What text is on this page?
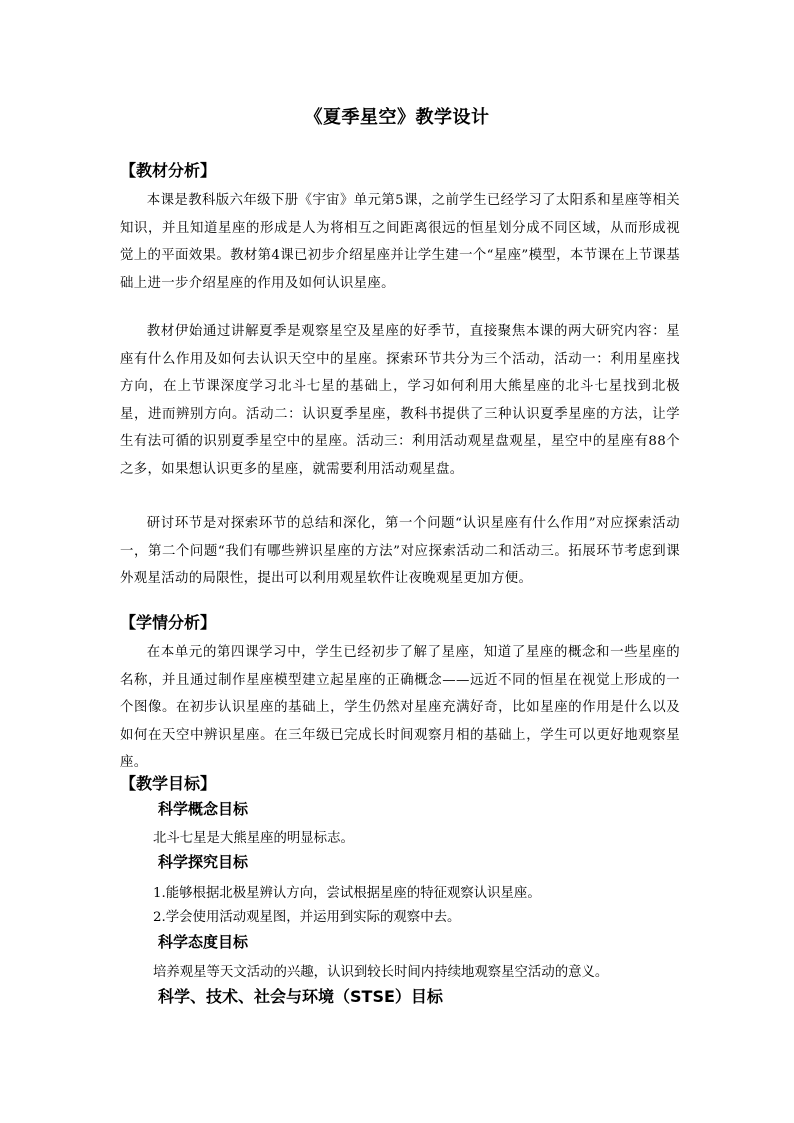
《夏季星空》教学设计
【教材分析】
本课是教科版六年级下册《宇宙》单元第5课，之前学生已经学习了太阳系和星座等相关知识，并且知道星座的形成是人为将相互之间距离很远的恒星划分成不同区域，从而形成视觉上的平面效果。教材第4课已初步介绍星座并让学生建一个“星座”模型，本节课在上节课基础上进一步介绍星座的作用及如何认识星座。
教材伊始通过讲解夏季是观察星空及星座的好季节，直接聚焦本课的两大研究内容：星座有什么作用及如何去认识天空中的星座。探索环节共分为三个活动，活动一：利用星座找方向，在上节课深度学习北斗七星的基础上，学习如何利用大熊星座的北斗七星找到北极星，进而辨别方向。活动二：认识夏季星座，教科书提供了三种认识夏季星座的方法，让学生有法可循的识别夏季星空中的星座。活动三：利用活动观星盘观星，星空中的星座有88个之多，如果想认识更多的星座，就需要利用活动观星盘。
研讨环节是对探索环节的总结和深化，第一个问题“认识星座有什么作用”对应探索活动一，第二个问题“我们有哪些辨识星座的方法”对应探索活动二和活动三。拓展环节考虑到课外观星活动的局限性，提出可以利用观星软件让夜晚观星更加方便。
【学情分析】
在本单元的第四课学习中，学生已经初步了解了星座，知道了星座的概念和一些星座的名称，并且通过制作星座模型建立起星座的正确概念——远近不同的恒星在视觉上形成的一个图像。在初步认识星座的基础上，学生仍然对星座充满好奇，比如星座的作用是什么以及如何在天空中辨识星座。在三年级已完成长时间观察月相的基础上，学生可以更好地观察星座。
【教学目标】
科学概念目标
北斗七星是大熊星座的明显标志。
科学探究目标
1.能够根据北极星辨认方向，尝试根据星座的特征观察认识星座。
2.学会使用活动观星图，并运用到实际的观察中去。
科学态度目标
培养观星等天文活动的兴趣，认识到较长时间内持续地观察星空活动的意义。
科学、技术、社会与环境（STSE）目标
